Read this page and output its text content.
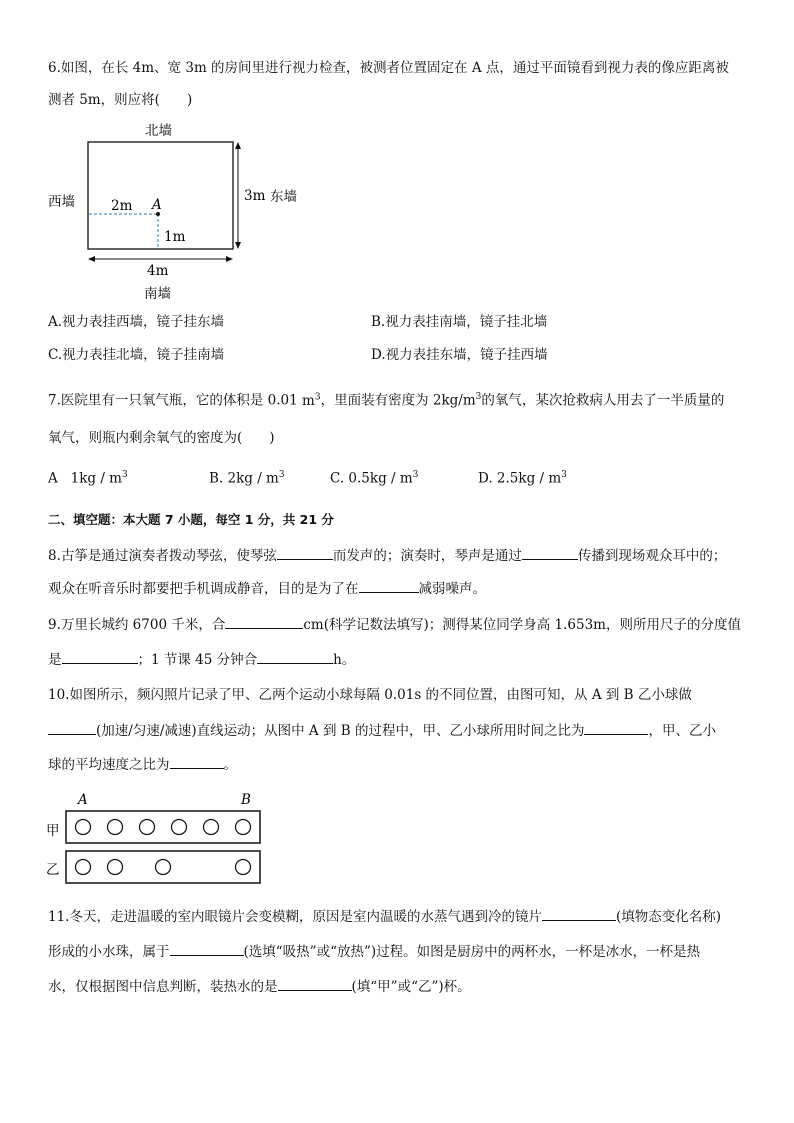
6.如图，在长 4m、宽 3m 的房间里进行视力检查，被测者位置固定在 A 点，通过平面镜看到视力表的像应距离被
测者 5m，则应将(　　)
北墙
西墙
南墙
3m 东墙
4m
2m A
1m
A.视力表挂西墙，镜子挂东墙	B.视力表挂南墙，镜子挂北墙
C.视力表挂北墙，镜子挂南墙	D.视力表挂东墙，镜子挂西墙
7.医院里有一只氧气瓶，它的体积是 0.01 $m^3$，里面装有密度为 $2kg/m^3$的氧气，某次抢救病人用去了一半质量的
氧气，则瓶内剩余氧气的密度为(　　)
A $1kg / m^3$	B. $2kg / m^3$	C. $0.5kg / m^3$	D. $2.5kg / m^3$
二、填空题：本大题 7 小题，每空 1 分，共 21 分
8.古筝是通过演奏者拨动琴弦，使琴弦	而发声的；演奏时，琴声是通过	传播到现场观众耳中的；
观众在听音乐时都要把手机调成静音，目的是为了在	减弱噪声。
9.万里长城约 6700 千米，合	cm(科学记数法填写)；测得某位同学身高 1.653m，则所用尺子的分度值
是	；1 节课 45 分钟合	h。
10.如图所示，频闪照片记录了甲、乙两个运动小球每隔 0.01s 的不同位置，由图可知，从 A 到 B 乙小球做
(加速/匀速/减速)直线运动；从图中 A 到 B 的过程中，甲、乙小球所用时间之比为	，甲、乙小
球的平均速度之比为	。
A	B
甲
乙
11.冬天，走进温暖的室内眼镜片会变模糊，原因是室内温暖的水蒸气遇到冷的镜片	(填物态变化名称)
形成的小水珠，属于	(选填“吸热”或“放热”)过程。如图是厨房中的两杯水，一杯是冰水，一杯是热
水，仅根据图中信息判断，装热水的是	(填“甲”或“乙”)杯。
